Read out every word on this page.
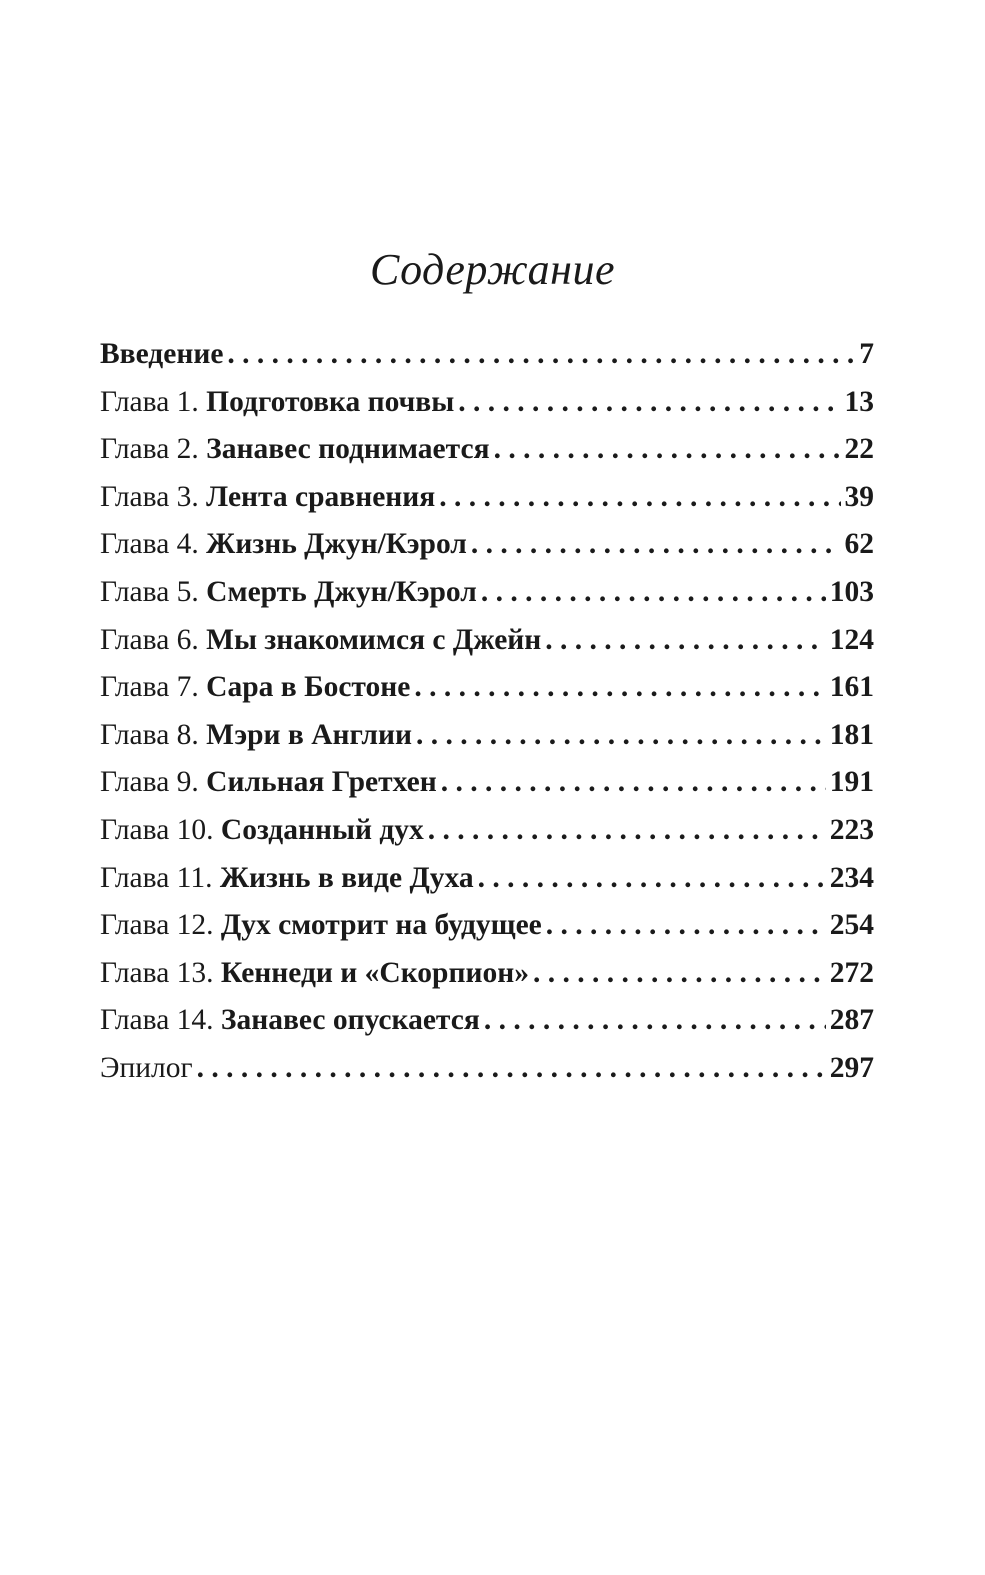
Содержание
Введение . . .	7
Глава 1. Подготовка почвы . . .	13
Глава 2. Занавес поднимается . . .	22
Глава 3. Лента сравнения . . .	39
Глава 4. Жизнь Джун/Кэрол . . .	62
Глава 5. Смерть Джун/Кэрол . . .	103
Глава 6. Мы знакомимся с Джейн . . .	124
Глава 7. Сара в Бостоне . . .	161
Глава 8. Мэри в Англии . . .	181
Глава 9. Сильная Гретхен . . .	191
Глава 10. Созданный дух . . .	223
Глава 11. Жизнь в виде Духа . . .	234
Глава 12. Дух смотрит на будущее . . .	254
Глава 13. Кеннеди и «Скорпион» . . .	272
Глава 14. Занавес опускается . . .	287
Эпилог . . .	297
